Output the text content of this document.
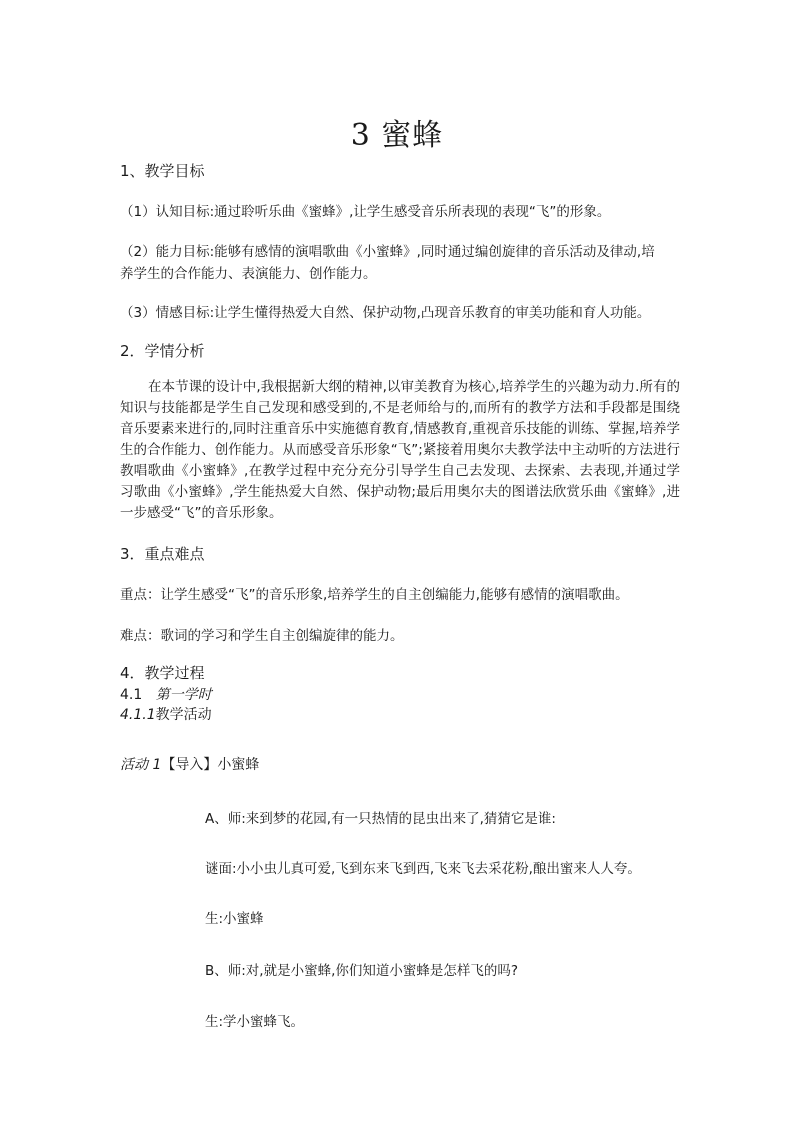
3 蜜蜂
1、教学目标
（1）认知目标:通过聆听乐曲《蜜蜂》,让学生感受音乐所表现的表现“飞”的形象。
（2）能力目标:能够有感情的演唱歌曲《小蜜蜂》,同时通过编创旋律的音乐活动及律动,培
养学生的合作能力、表演能力、创作能力。
（3）情感目标:让学生懂得热爱大自然、保护动物,凸现音乐教育的审美功能和育人功能。
2．学情分析
在本节课的设计中,我根据新大纲的精神,以审美教育为核心,培养学生的兴趣为动力.所有的知识与技能都是学生自己发现和感受到的,不是老师给与的,而所有的教学方法和手段都是围绕音乐要素来进行的,同时注重音乐中实施德育教育,情感教育,重视音乐技能的训练、掌握,培养学生的合作能力、创作能力。从而感受音乐形象“飞”;紧接着用奥尔夫教学法中主动听的方法进行教唱歌曲《小蜜蜂》,在教学过程中充分充分引导学生自己去发现、去探索、去表现,并通过学习歌曲《小蜜蜂》,学生能热爱大自然、保护动物;最后用奥尔夫的图谱法欣赏乐曲《蜜蜂》,进一步感受“飞”的音乐形象。
3．重点难点
重点：让学生感受“飞”的音乐形象,培养学生的自主创编能力,能够有感情的演唱歌曲。
难点：歌词的学习和学生自主创编旋律的能力。
4．教学过程
4.1 第一学时
4.1.1教学活动
活动 1【导入】小蜜蜂
A、师:来到梦的花园,有一只热情的昆虫出来了,猜猜它是谁:
谜面:小小虫儿真可爱,飞到东来飞到西,飞来飞去采花粉,酿出蜜来人人夸。
生:小蜜蜂
B、师:对,就是小蜜蜂,你们知道小蜜蜂是怎样飞的吗?
生:学小蜜蜂飞。
